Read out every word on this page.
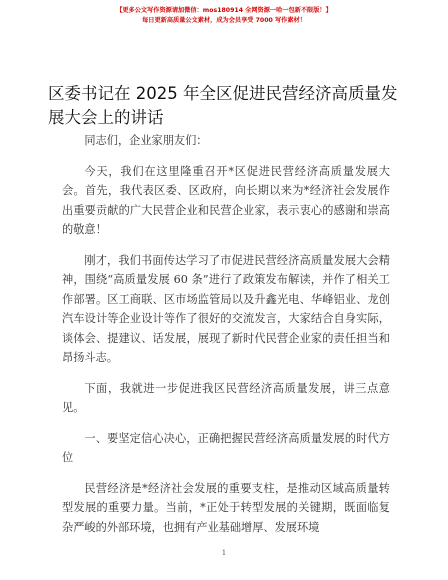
【更多公文写作资源请加微信：mos180914 全网资源一哈一包新不限版！】
每日更新高质量公文素材，成为会员享受 7000 写作素材！
区委书记在 2025 年全区促进民营经济高质量发展大会上的讲话

同志们，企业家朋友们：

今天，我们在这里隆重召开*区促进民营经济高质量发展大会。首先，我代表区委、区政府，向长期以来为*经济社会发展作出重要贡献的广大民营企业和民营企业家，表示衷心的感谢和崇高的敬意！

刚才，我们书面传达学习了市促进民营经济高质量发展大会精神，围绕“高质量发展 60 条”进行了政策发布解读，并作了相关工作部署。区工商联、区市场监管局以及升鑫光电、华峰铝业、龙创汽车设计等企业设计等作了很好的交流发言，大家结合自身实际，谈体会、提建议、话发展，展现了新时代民营企业家的责任担当和昂扬斗志。

下面，我就进一步促进我区民营经济高质量发展，讲三点意见。

一、要坚定信心决心，正确把握民营经济高质量发展的时代方位

民营经济是*经济社会发展的重要支柱，是推动区域高质量转型发展的重要力量。当前，*正处于转型发展的关键期，既面临复杂严峻的外部环境，也拥有产业基础增厚、发展环境

1
